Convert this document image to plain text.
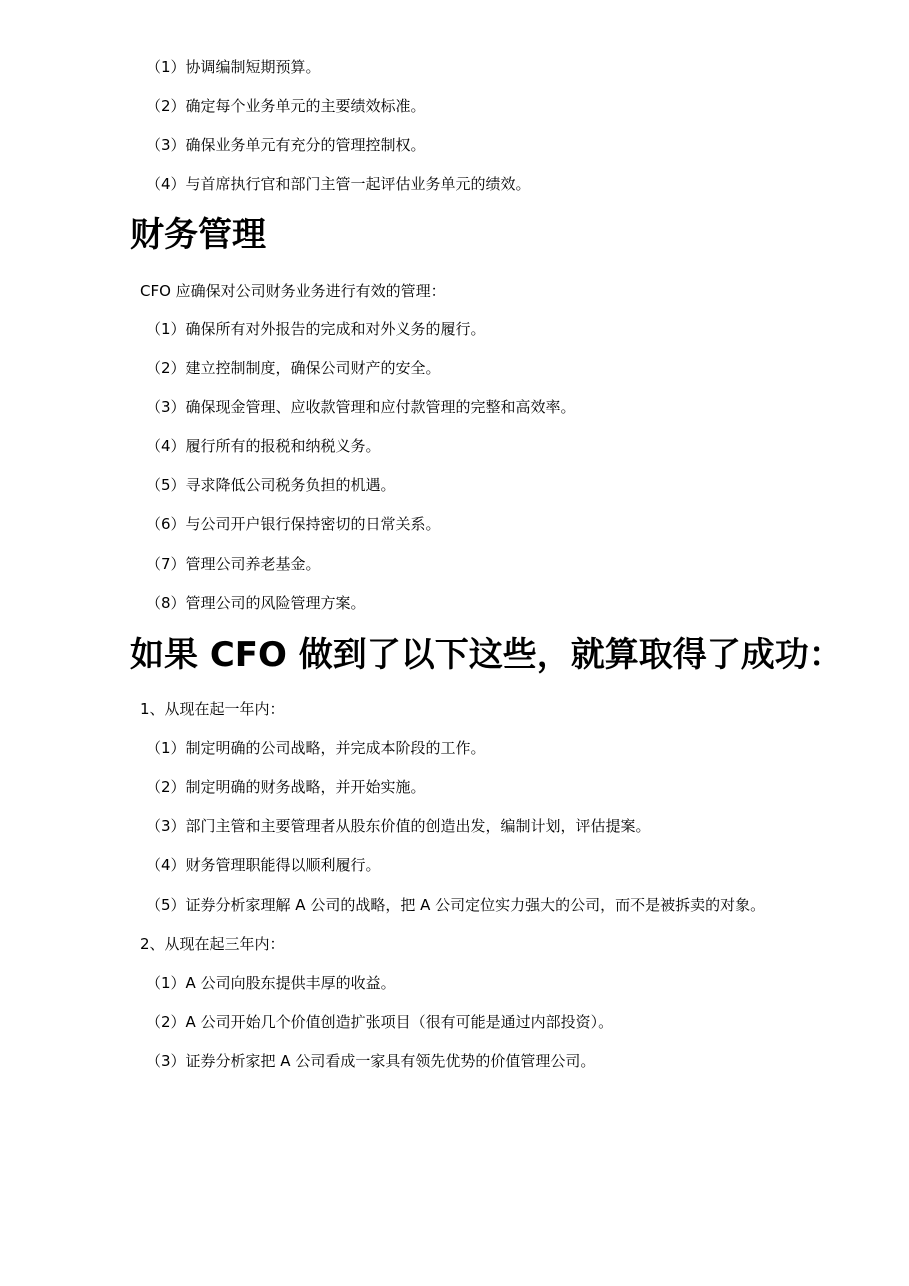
（1）协调编制短期预算。
（2）确定每个业务单元的主要绩效标准。
（3）确保业务单元有充分的管理控制权。
（4）与首席执行官和部门主管一起评估业务单元的绩效。
财务管理
CFO 应确保对公司财务业务进行有效的管理：
（1）确保所有对外报告的完成和对外义务的履行。
（2）建立控制制度，确保公司财产的安全。
（3）确保现金管理、应收款管理和应付款管理的完整和高效率。
（4）履行所有的报税和纳税义务。
（5）寻求降低公司税务负担的机遇。
（6）与公司开户银行保持密切的日常关系。
（7）管理公司养老基金。
（8）管理公司的风险管理方案。
如果 CFO 做到了以下这些，就算取得了成功：
1、从现在起一年内：
（1）制定明确的公司战略，并完成本阶段的工作。
（2）制定明确的财务战略，并开始实施。
（3）部门主管和主要管理者从股东价值的创造出发，编制计划，评估提案。
（4）财务管理职能得以顺利履行。
（5）证券分析家理解 A 公司的战略，把 A 公司定位实力强大的公司，而不是被拆卖的对象。
2、从现在起三年内：
（1）A 公司向股东提供丰厚的收益。
（2）A 公司开始几个价值创造扩张项目（很有可能是通过内部投资）。
（3）证券分析家把 A 公司看成一家具有领先优势的价值管理公司。
